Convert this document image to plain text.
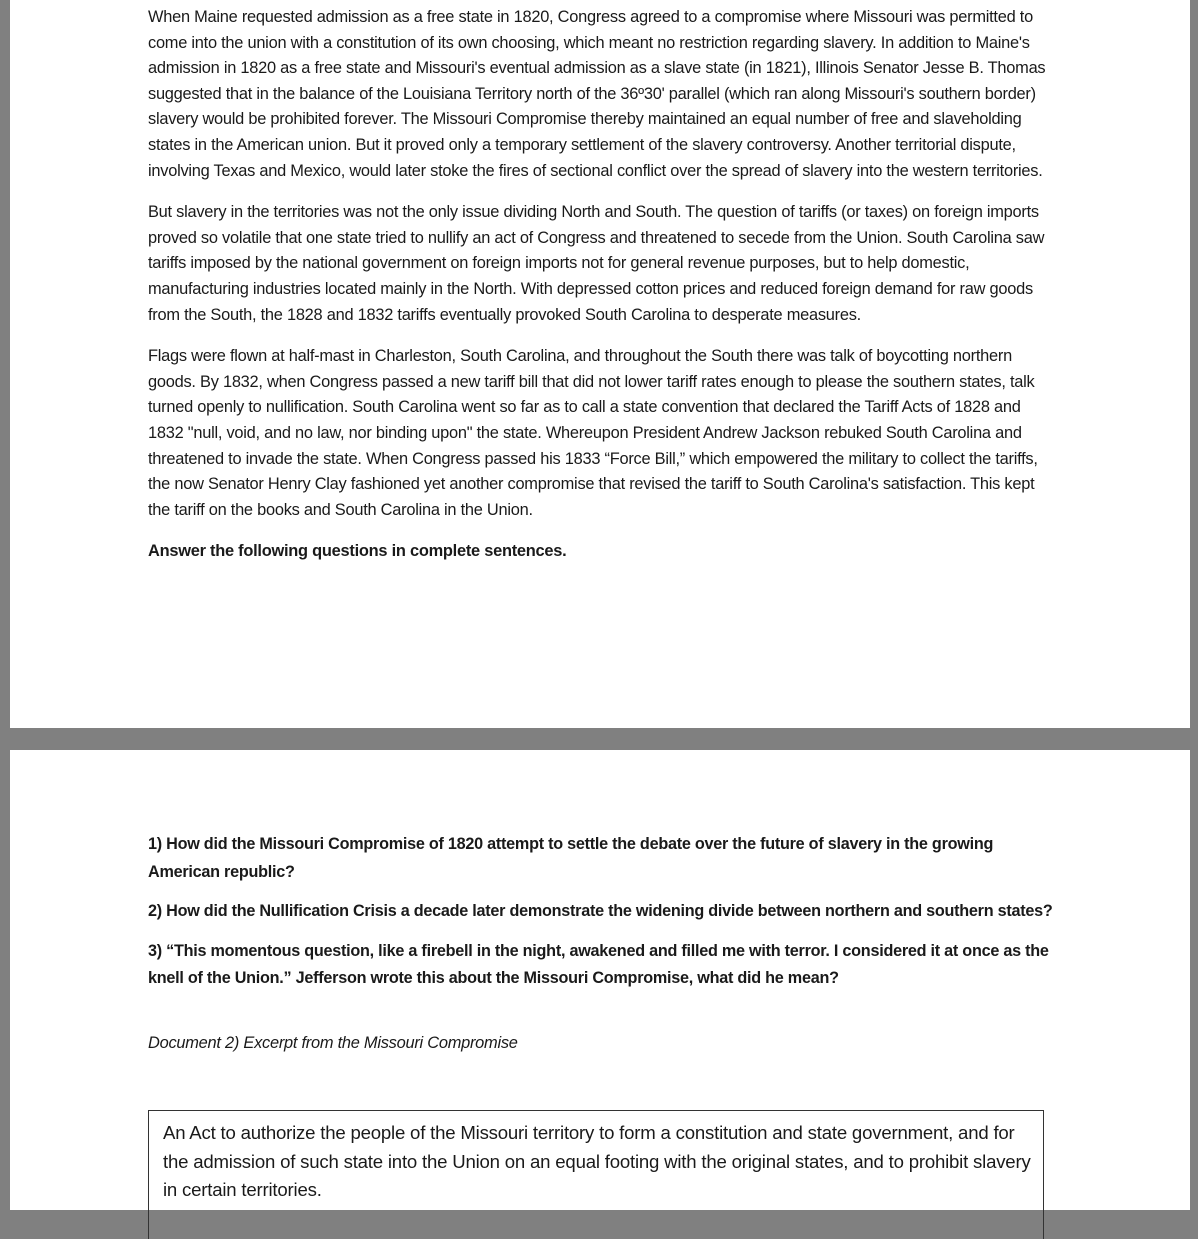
When Maine requested admission as a free state in 1820, Congress agreed to a compromise where Missouri was permitted to come into the union with a constitution of its own choosing, which meant no restriction regarding slavery. In addition to Maine's admission in 1820 as a free state and Missouri's eventual admission as a slave state (in 1821), Illinois Senator Jesse B. Thomas suggested that in the balance of the Louisiana Territory north of the 36º30' parallel (which ran along Missouri's southern border) slavery would be prohibited forever. The Missouri Compromise thereby maintained an equal number of free and slaveholding states in the American union. But it proved only a temporary settlement of the slavery controversy. Another territorial dispute, involving Texas and Mexico, would later stoke the fires of sectional conflict over the spread of slavery into the western territories.

But slavery in the territories was not the only issue dividing North and South. The question of tariffs (or taxes) on foreign imports proved so volatile that one state tried to nullify an act of Congress and threatened to secede from the Union. South Carolina saw tariffs imposed by the national government on foreign imports not for general revenue purposes, but to help domestic, manufacturing industries located mainly in the North. With depressed cotton prices and reduced foreign demand for raw goods from the South, the 1828 and 1832 tariffs eventually provoked South Carolina to desperate measures.

Flags were flown at half-mast in Charleston, South Carolina, and throughout the South there was talk of boycotting northern goods. By 1832, when Congress passed a new tariff bill that did not lower tariff rates enough to please the southern states, talk turned openly to nullification. South Carolina went so far as to call a state convention that declared the Tariff Acts of 1828 and 1832 "null, void, and no law, nor binding upon" the state. Whereupon President Andrew Jackson rebuked South Carolina and threatened to invade the state. When Congress passed his 1833 “Force Bill,” which empowered the military to collect the tariffs, the now Senator Henry Clay fashioned yet another compromise that revised the tariff to South Carolina's satisfaction. This kept the tariff on the books and South Carolina in the Union.

Answer the following questions in complete sentences.

1) How did the Missouri Compromise of 1820 attempt to settle the debate over the future of slavery in the growing American republic?

2) How did the Nullification Crisis a decade later demonstrate the widening divide between northern and southern states?

3) “This momentous question, like a firebell in the night, awakened and filled me with terror. I considered it at once as the knell of the Union.” Jefferson wrote this about the Missouri Compromise, what did he mean?

Document 2) Excerpt from the Missouri Compromise

An Act to authorize the people of the Missouri territory to form a constitution and state government, and for the admission of such state into the Union on an equal footing with the original states, and to prohibit slavery in certain territories.
